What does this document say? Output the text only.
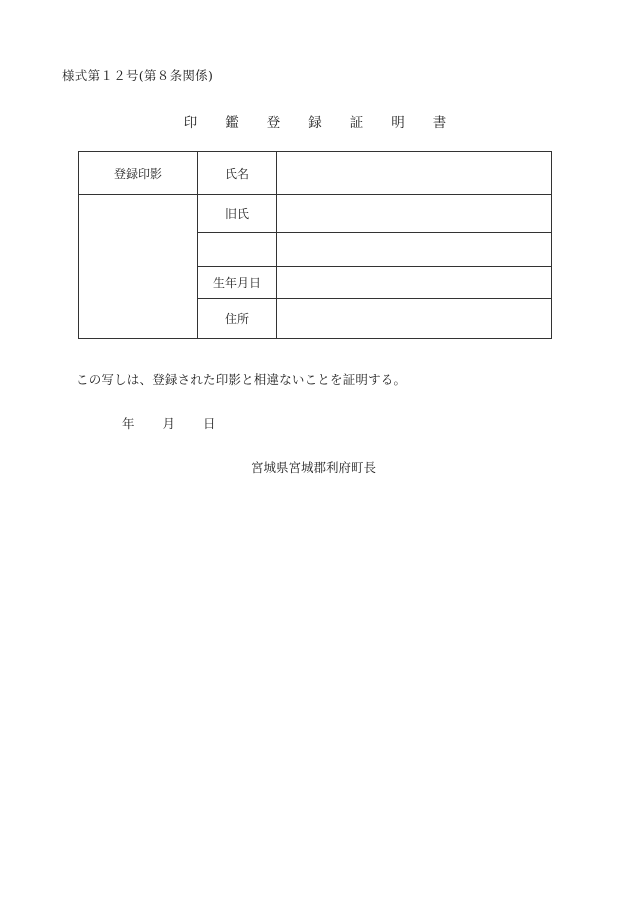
様式第１２号(第８条関係)
印 鑑 登 録 証 明 書
登録印影	氏名	
	旧氏	

	生年月日	
	住所	
この写しは、登録された印影と相違ないことを証明する。
年 月 日
宮城県宮城郡利府町長
